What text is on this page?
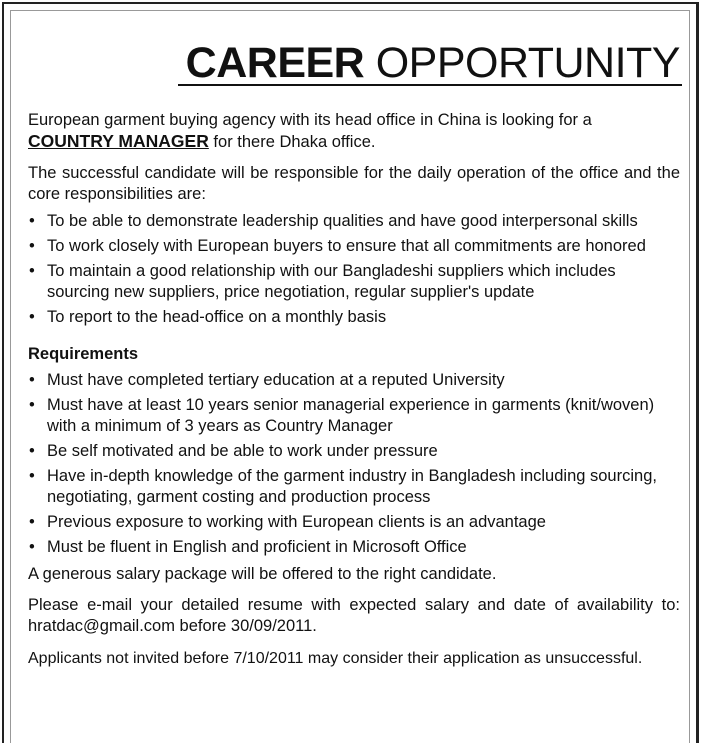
CAREER OPPORTUNITY

European garment buying agency with its head office in China is looking for a
COUNTRY MANAGER for there Dhaka office.

The successful candidate will be responsible for the daily operation of the office and the core responsibilities are:

• To be able to demonstrate leadership qualities and have good interpersonal skills
• To work closely with European buyers to ensure that all commitments are honored
• To maintain a good relationship with our Bangladeshi suppliers which includes sourcing new suppliers, price negotiation, regular supplier's update
• To report to the head-office on a monthly basis

Requirements

• Must have completed tertiary education at a reputed University
• Must have at least 10 years senior managerial experience in garments (knit/woven) with a minimum of 3 years as Country Manager
• Be self motivated and be able to work under pressure
• Have in-depth knowledge of the garment industry in Bangladesh including sourcing, negotiating, garment costing and production process
• Previous exposure to working with European clients is an advantage
• Must be fluent in English and proficient in Microsoft Office

A generous salary package will be offered to the right candidate.

Please e-mail your detailed resume with expected salary and date of availability to: hratdac@gmail.com before 30/09/2011.

Applicants not invited before 7/10/2011 may consider their application as unsuccessful.
